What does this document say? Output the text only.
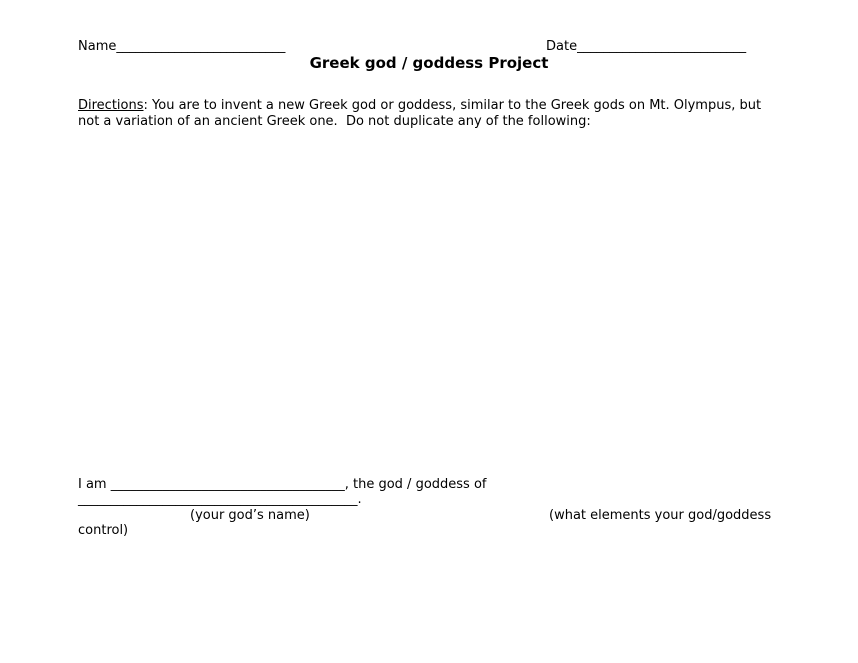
Name__________________________	Date__________________________
Greek god / goddess Project
Directions: You are to invent a new Greek god or goddess, similar to the Greek gods on Mt. Olympus, but
not a variation of an ancient Greek one.  Do not duplicate any of the following:
I am ____________________________________, the god / goddess of
___________________________________________.
(your god’s name)	(what elements your god/goddess
control)
